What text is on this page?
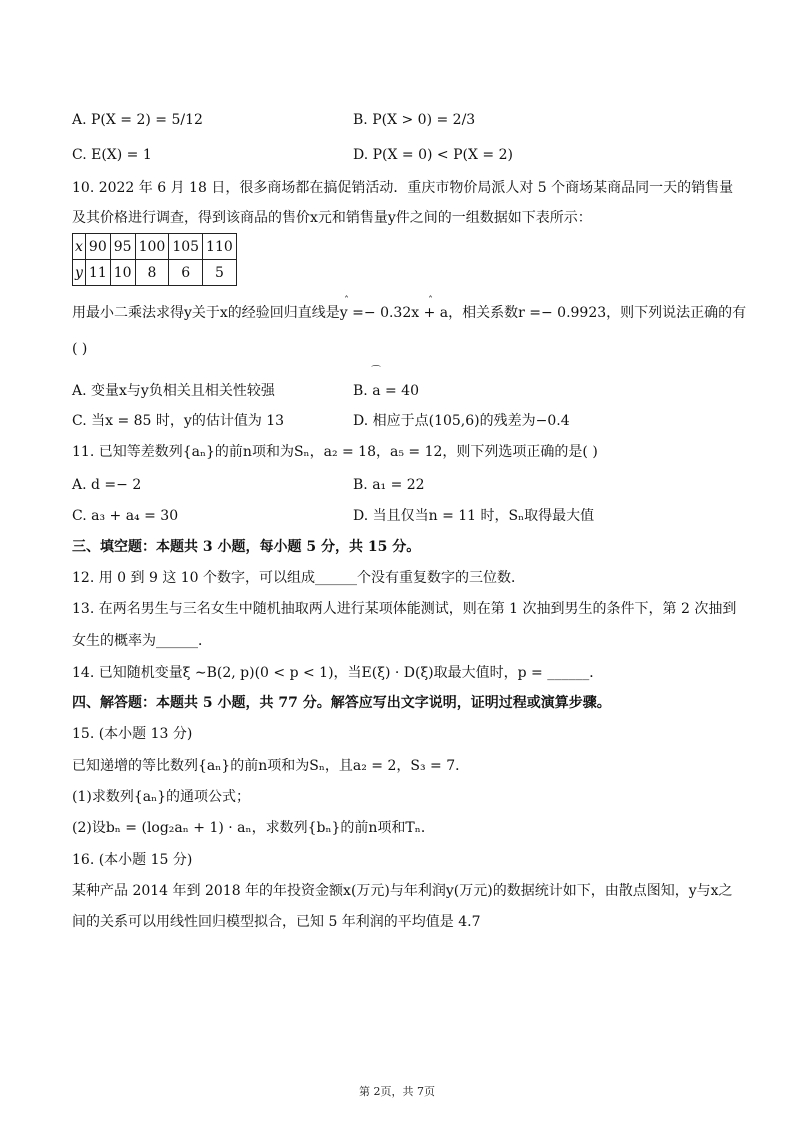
A. P(X = 2) = 5/12	B. P(X > 0) = 2/3
C. E(X) = 1	D. P(X = 0) < P(X = 2)
10. 2022 年 6 月 18 日，很多商场都在搞促销活动．重庆市物价局派人对 5 个商场某商品同一天的销售量
及其价格进行调查，得到该商品的售价x元和销售量y件之间的一组数据如下表所示：
x	90	95	100	105	110
y	11	10	8	6	5
ˆ	ˆ
用最小二乘法求得y关于x的经验回归直线是y =− 0.32x + a，相关系数r =− 0.9923，则下列说法正确的有
( )
A. 变量x与y负相关且相关性较强
⌒
B. a = 40
C. 当x = 85 时，y的估计值为 13	D. 相应于点(105,6)的残差为−0.4
11. 已知等差数列{aₙ}的前n项和为Sₙ，a₂ = 18，a₅ = 12，则下列选项正确的是( )
A. d =− 2	B. a₁ = 22
C. a₃ + a₄ = 30	D. 当且仅当n = 11 时，Sₙ取得最大值
三、填空题：本题共 3 小题，每小题 5 分，共 15 分。
12. 用 0 到 9 这 10 个数字，可以组成______个没有重复数字的三位数．
13. 在两名男生与三名女生中随机抽取两人进行某项体能测试，则在第 1 次抽到男生的条件下，第 2 次抽到
女生的概率为______．
14. 已知随机变量ξ ∼B(2, p)(0 < p < 1)，当E(ξ) · D(ξ)取最大值时，p = ______．
四、解答题：本题共 5 小题，共 77 分。解答应写出文字说明，证明过程或演算步骤。
15. (本小题 13 分)
已知递增的等比数列{aₙ}的前n项和为Sₙ，且a₂ = 2，S₃ = 7．
(1)求数列{aₙ}的通项公式；
(2)设bₙ = (log₂aₙ + 1) · aₙ，求数列{bₙ}的前n项和Tₙ．
16. (本小题 15 分)
某种产品 2014 年到 2018 年的年投资金额x(万元)与年利润y(万元)的数据统计如下，由散点图知，y与x之
间的关系可以用线性回归模型拟合，已知 5 年利润的平均值是 4.7
第 2页，共 7页
